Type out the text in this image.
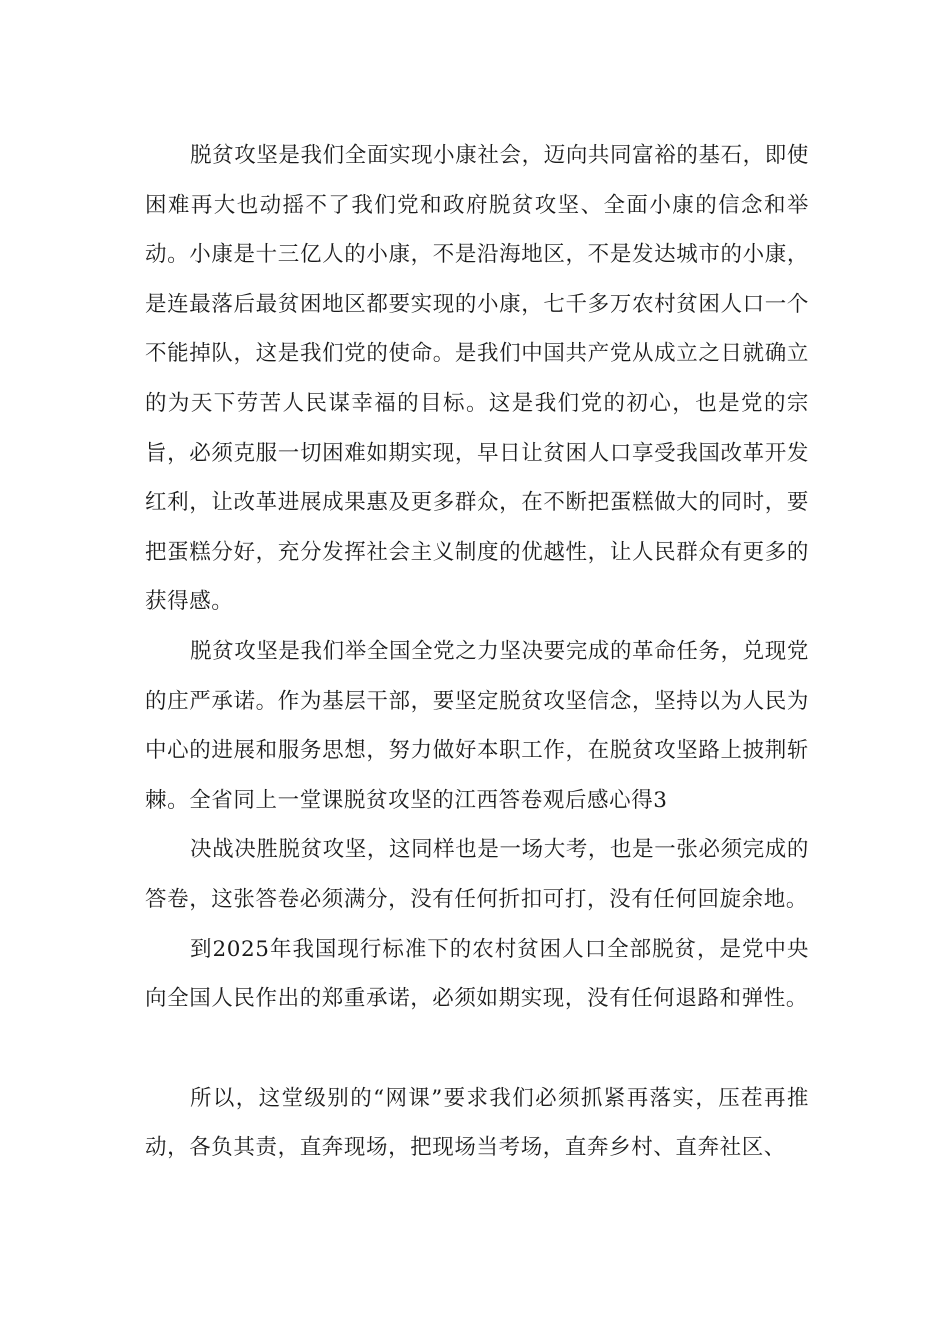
脱贫攻坚是我们全面实现小康社会，迈向共同富裕的基石，即使困难再大也动摇不了我们党和政府脱贫攻坚、全面小康的信念和举动。小康是十三亿人的小康，不是沿海地区，不是发达城市的小康，是连最落后最贫困地区都要实现的小康，七千多万农村贫困人口一个不能掉队，这是我们党的使命。是我们中国共产党从成立之日就确立的为天下劳苦人民谋幸福的目标。这是我们党的初心，也是党的宗旨，必须克服一切困难如期实现，早日让贫困人口享受我国改革开发红利，让改革进展成果惠及更多群众，在不断把蛋糕做大的同时，要把蛋糕分好，充分发挥社会主义制度的优越性，让人民群众有更多的获得感。

脱贫攻坚是我们举全国全党之力坚决要完成的革命任务，兑现党的庄严承诺。作为基层干部，要坚定脱贫攻坚信念，坚持以为人民为中心的进展和服务思想，努力做好本职工作，在脱贫攻坚路上披荆斩棘。全省同上一堂课脱贫攻坚的江西答卷观后感心得3

决战决胜脱贫攻坚，这同样也是一场大考，也是一张必须完成的答卷，这张答卷必须满分，没有任何折扣可打，没有任何回旋余地。

到2025年我国现行标准下的农村贫困人口全部脱贫，是党中央向全国人民作出的郑重承诺，必须如期实现，没有任何退路和弹性。

所以，这堂级别的“网课”要求我们必须抓紧再落实，压茬再推动，各负其责，直奔现场，把现场当考场，直奔乡村、直奔社区、
